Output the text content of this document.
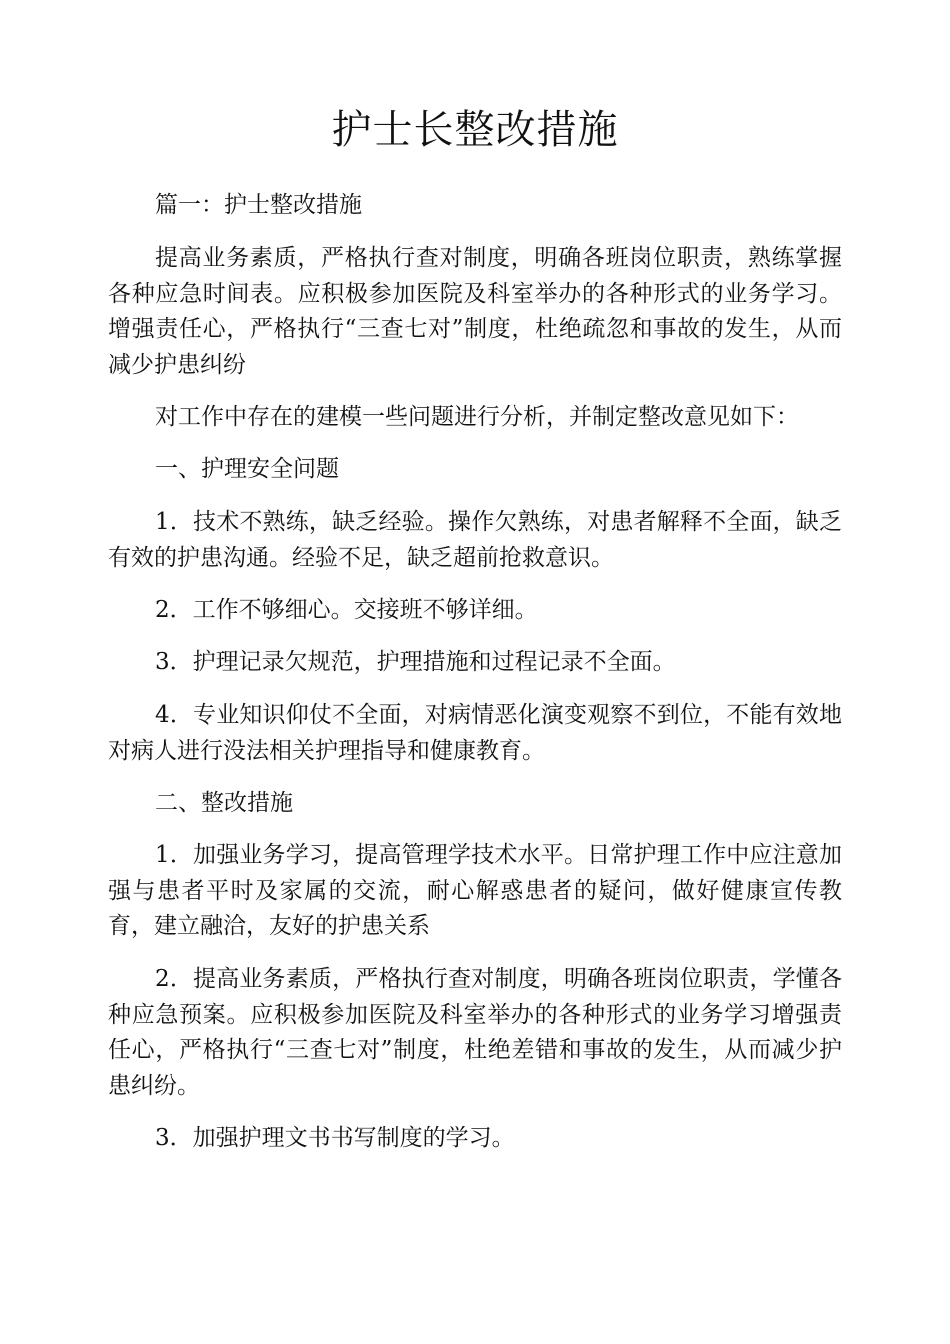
护士长整改措施

篇一：护士整改措施

提高业务素质，严格执行查对制度，明确各班岗位职责，熟练掌握各种应急时间表。应积极参加医院及科室举办的各种形式的业务学习。增强责任心，严格执行“三查七对”制度，杜绝疏忽和事故的发生，从而减少护患纠纷

对工作中存在的建模一些问题进行分析，并制定整改意见如下：

一、护理安全问题

1．技术不熟练，缺乏经验。操作欠熟练，对患者解释不全面，缺乏有效的护患沟通。经验不足，缺乏超前抢救意识。

2．工作不够细心。交接班不够详细。

3．护理记录欠规范，护理措施和过程记录不全面。

4．专业知识仰仗不全面，对病情恶化演变观察不到位，不能有效地对病人进行没法相关护理指导和健康教育。

二、整改措施

1．加强业务学习，提高管理学技术水平。日常护理工作中应注意加强与患者平时及家属的交流，耐心解惑患者的疑问，做好健康宣传教育，建立融洽，友好的护患关系

2．提高业务素质，严格执行查对制度，明确各班岗位职责，学懂各种应急预案。应积极参加医院及科室举办的各种形式的业务学习增强责任心，严格执行“三查七对”制度，杜绝差错和事故的发生，从而减少护患纠纷。

3．加强护理文书书写制度的学习。
